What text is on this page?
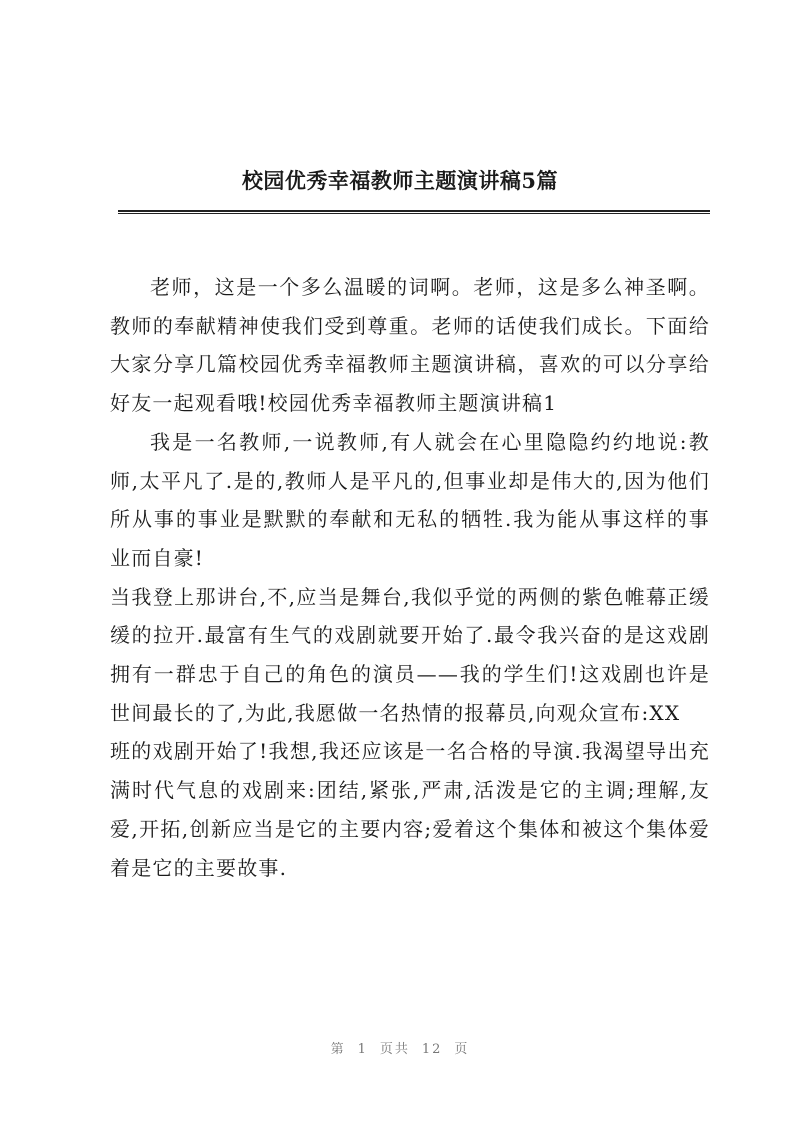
校园优秀幸福教师主题演讲稿5篇

老师，这是一个多么温暖的词啊。老师，这是多么神圣啊。教师的奉献精神使我们受到尊重。老师的话使我们成长。下面给大家分享几篇校园优秀幸福教师主题演讲稿，喜欢的可以分享给好友一起观看哦!校园优秀幸福教师主题演讲稿1

我是一名教师,一说教师,有人就会在心里隐隐约约地说:教师,太平凡了.是的,教师人是平凡的,但事业却是伟大的,因为他们所从事的事业是默默的奉献和无私的牺牲.我为能从事这样的事业而自豪!

当我登上那讲台,不,应当是舞台,我似乎觉的两侧的紫色帷幕正缓缓的拉开.最富有生气的戏剧就要开始了.最令我兴奋的是这戏剧拥有一群忠于自己的角色的演员——我的学生们!这戏剧也许是世间最长的了,为此,我愿做一名热情的报幕员,向观众宣布:XX

班的戏剧开始了!我想,我还应该是一名合格的导演.我渴望导出充满时代气息的戏剧来:团结,紧张,严肃,活泼是它的主调;理解,友爱,开拓,创新应当是它的主要内容;爱着这个集体和被这个集体爱着是它的主要故事.

第 1 页共 12 页
